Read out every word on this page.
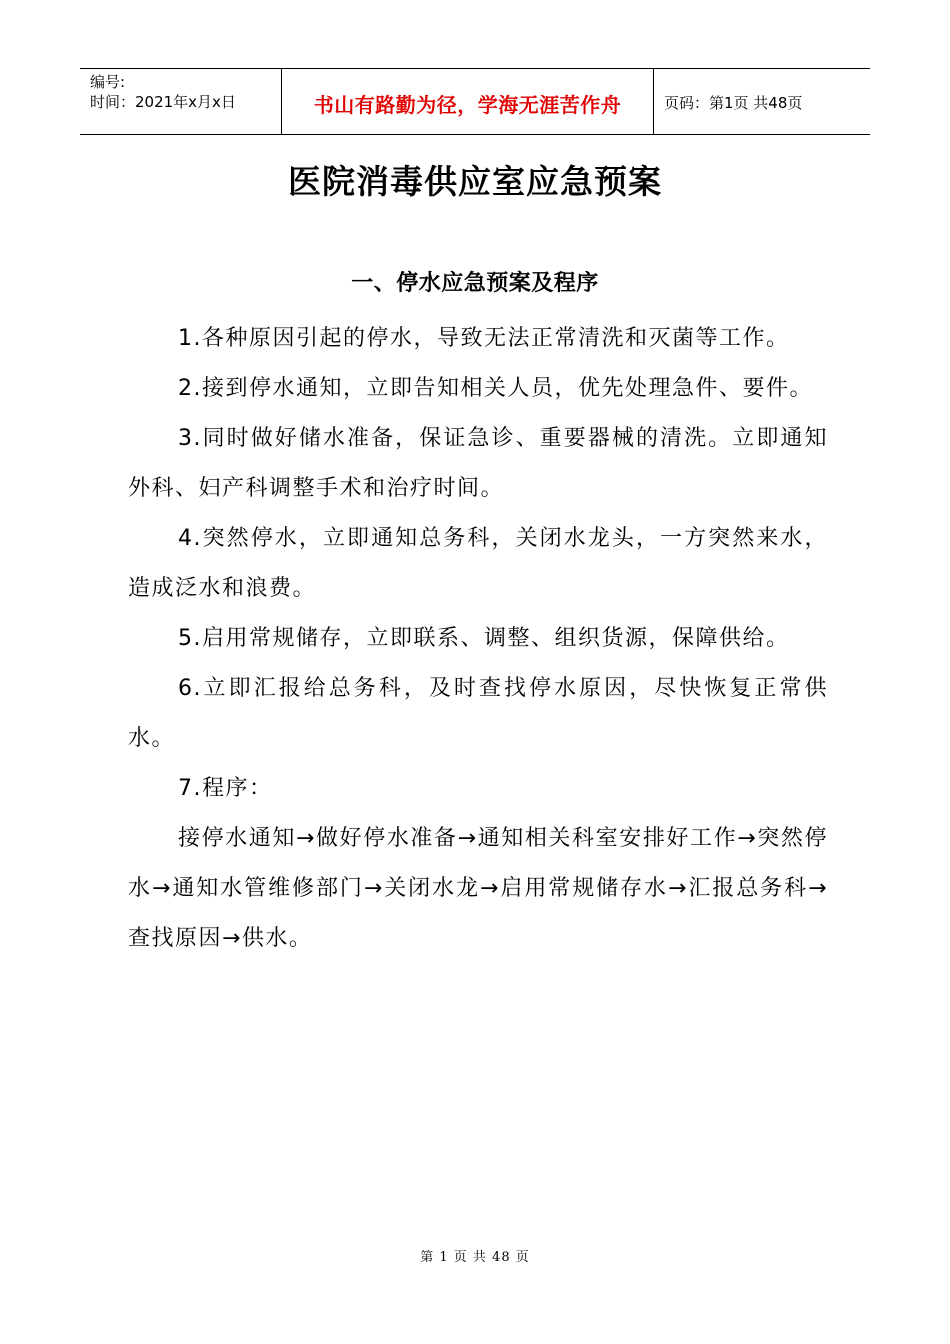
编号:
时间：2021年x月x日	书山有路勤为径，学海无涯苦作舟	页码：第1页 共48页
医院消毒供应室应急预案
一、停水应急预案及程序

1.各种原因引起的停水，导致无法正常清洗和灭菌等工作。

2.接到停水通知，立即告知相关人员，优先处理急件、要件。

3.同时做好储水准备，保证急诊、重要器械的清洗。立即通知外科、妇产科调整手术和治疗时间。

4.突然停水，立即通知总务科，关闭水龙头，一方突然来水，造成泛水和浪费。

5.启用常规储存，立即联系、调整、组织货源，保障供给。

6.立即汇报给总务科，及时查找停水原因，尽快恢复正常供水。

7.程序：

接停水通知→做好停水准备→通知相关科室安排好工作→突然停水→通知水管维修部门→关闭水龙→启用常规储存水→汇报总务科→查找原因→供水。

第 1 页 共 48 页
